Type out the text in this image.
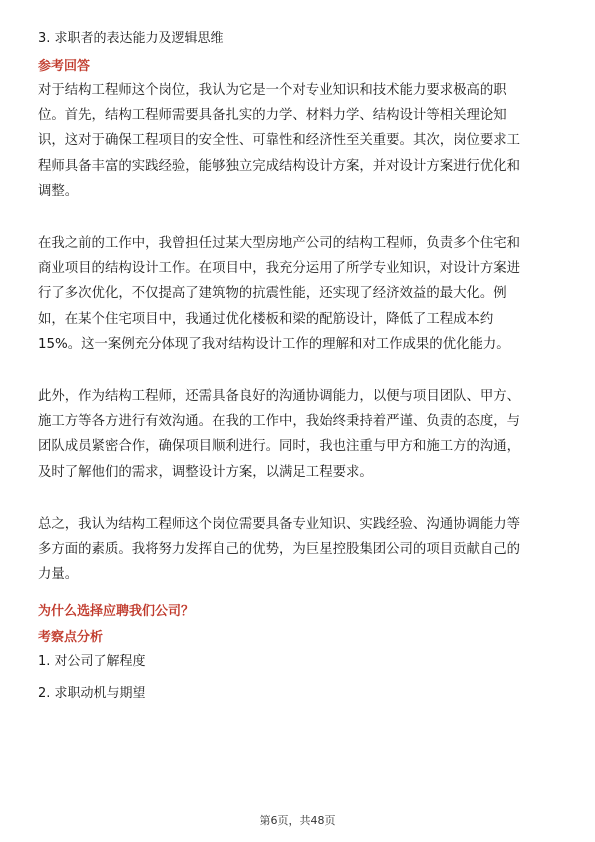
3. 求职者的表达能力及逻辑思维
参考回答

对于结构工程师这个岗位，我认为它是一个对专业知识和技术能力要求极高的职
位。首先，结构工程师需要具备扎实的力学、材料力学、结构设计等相关理论知
识，这对于确保工程项目的安全性、可靠性和经济性至关重要。其次，岗位要求工
程师具备丰富的实践经验，能够独立完成结构设计方案，并对设计方案进行优化和
调整。

在我之前的工作中，我曾担任过某大型房地产公司的结构工程师，负责多个住宅和
商业项目的结构设计工作。在项目中，我充分运用了所学专业知识，对设计方案进
行了多次优化，不仅提高了建筑物的抗震性能，还实现了经济效益的最大化。例
如，在某个住宅项目中，我通过优化楼板和梁的配筋设计，降低了工程成本约
15%。这一案例充分体现了我对结构设计工作的理解和对工作成果的优化能力。

此外，作为结构工程师，还需具备良好的沟通协调能力，以便与项目团队、甲方、
施工方等各方进行有效沟通。在我的工作中，我始终秉持着严谨、负责的态度，与
团队成员紧密合作，确保项目顺利进行。同时，我也注重与甲方和施工方的沟通，
及时了解他们的需求，调整设计方案，以满足工程要求。

总之，我认为结构工程师这个岗位需要具备专业知识、实践经验、沟通协调能力等
多方面的素质。我将努力发挥自己的优势，为巨星控股集团公司的项目贡献自己的
力量。

为什么选择应聘我们公司？
考察点分析
1. 对公司了解程度
2. 求职动机与期望
第6页，共48页
